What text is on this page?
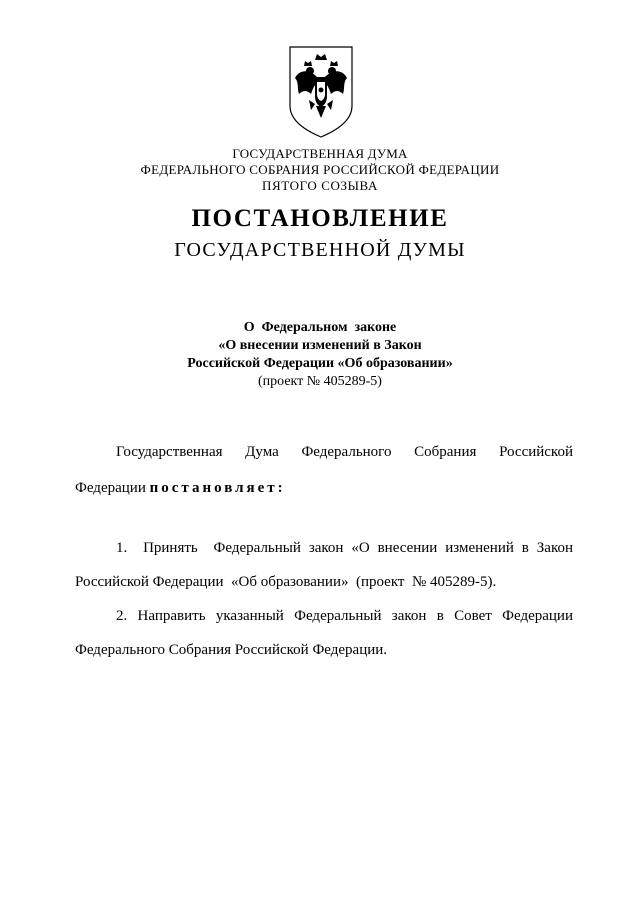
ГОСУДАРСТВЕННАЯ ДУМА
ФЕДЕРАЛЬНОГО СОБРАНИЯ РОССИЙСКОЙ ФЕДЕРАЦИИ
ПЯТОГО СОЗЫВА
ПОСТАНОВЛЕНИЕ
ГОСУДАРСТВЕННОЙ ДУМЫ
О  Федеральном  законе
«О внесении изменений в Закон
Российской Федерации «Об образовании»
(проект № 405289-5)
Государственная Дума Федерального Собрания Российской
Федерации постановляет:
1.  Принять  Федеральный закон «О внесении изменений в Закон
Российской Федерации  «Об образовании»  (проект  № 405289-5).
2. Направить указанный Федеральный закон в Совет Федерации
Федерального Собрания Российской Федерации.
